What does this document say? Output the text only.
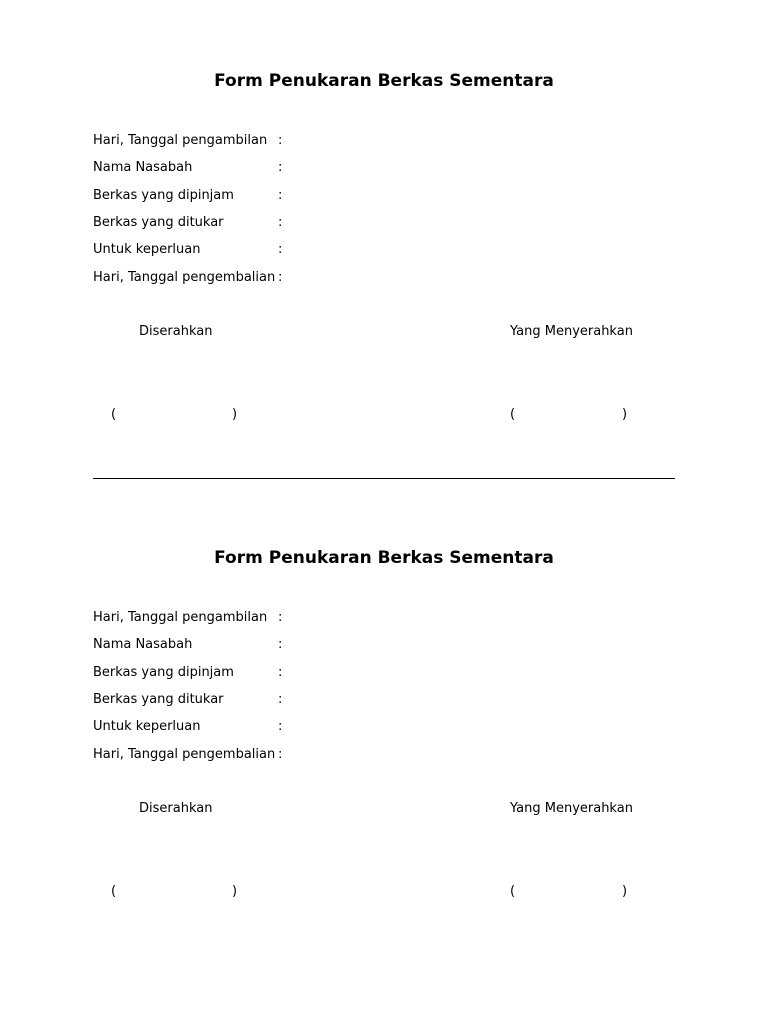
Form Penukaran Berkas Sementara
Hari, Tanggal pengambilan :
Nama Nasabah	:
Berkas yang dipinjam	:
Berkas yang ditukar	:
Untuk keperluan	:
Hari, Tanggal pengembalian :
Diserahkan	Yang Menyerahkan
(	)	(	)
Form Penukaran Berkas Sementara
Hari, Tanggal pengambilan :
Nama Nasabah	:
Berkas yang dipinjam	:
Berkas yang ditukar	:
Untuk keperluan	:
Hari, Tanggal pengembalian :
Diserahkan	Yang Menyerahkan
(	)	(	)
